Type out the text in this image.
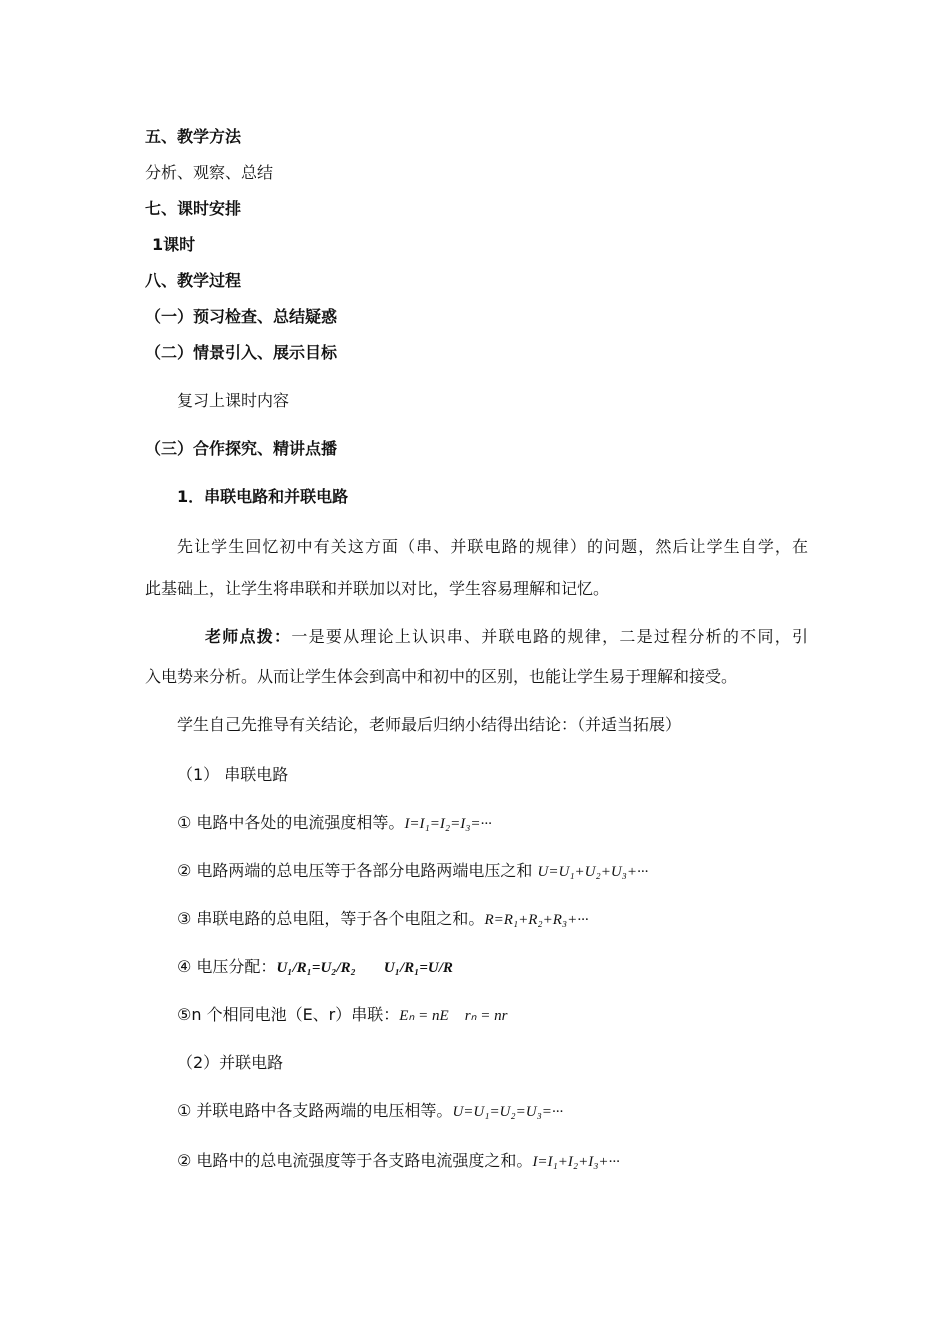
五、教学方法
分析、观察、总结
七、课时安排
1课时
八、教学过程
（一）预习检查、总结疑惑
（二）情景引入、展示目标
复习上课时内容
（三）合作探究、精讲点播
1．串联电路和并联电路
先让学生回忆初中有关这方面（串、并联电路的规律）的问题，然后让学生自学，在
此基础上，让学生将串联和并联加以对比，学生容易理解和记忆。
老师点拨：一是要从理论上认识串、并联电路的规律，二是过程分析的不同，引
入电势来分析。从而让学生体会到高中和初中的区别，也能让学生易于理解和接受。
学生自己先推导有关结论，老师最后归纳小结得出结论：（并适当拓展）
（1） 串联电路
① 电路中各处的电流强度相等。I=I₁=I₂=I₃=···
② 电路两端的总电压等于各部分电路两端电压之和 U=U₁+U₂+U₃+···
③ 串联电路的总电阻，等于各个电阻之和。R=R₁+R₂+R₃+···
④ 电压分配：U₁/R₁=U₂/R₂ U₁/R₁=U/R
⑤n 个相同电池（E、r）串联：Eₙ = nE rₙ = nr
（2）并联电路
① 并联电路中各支路两端的电压相等。U=U₁=U₂=U₃=···
② 电路中的总电流强度等于各支路电流强度之和。I=I₁+I₂+I₃+···
